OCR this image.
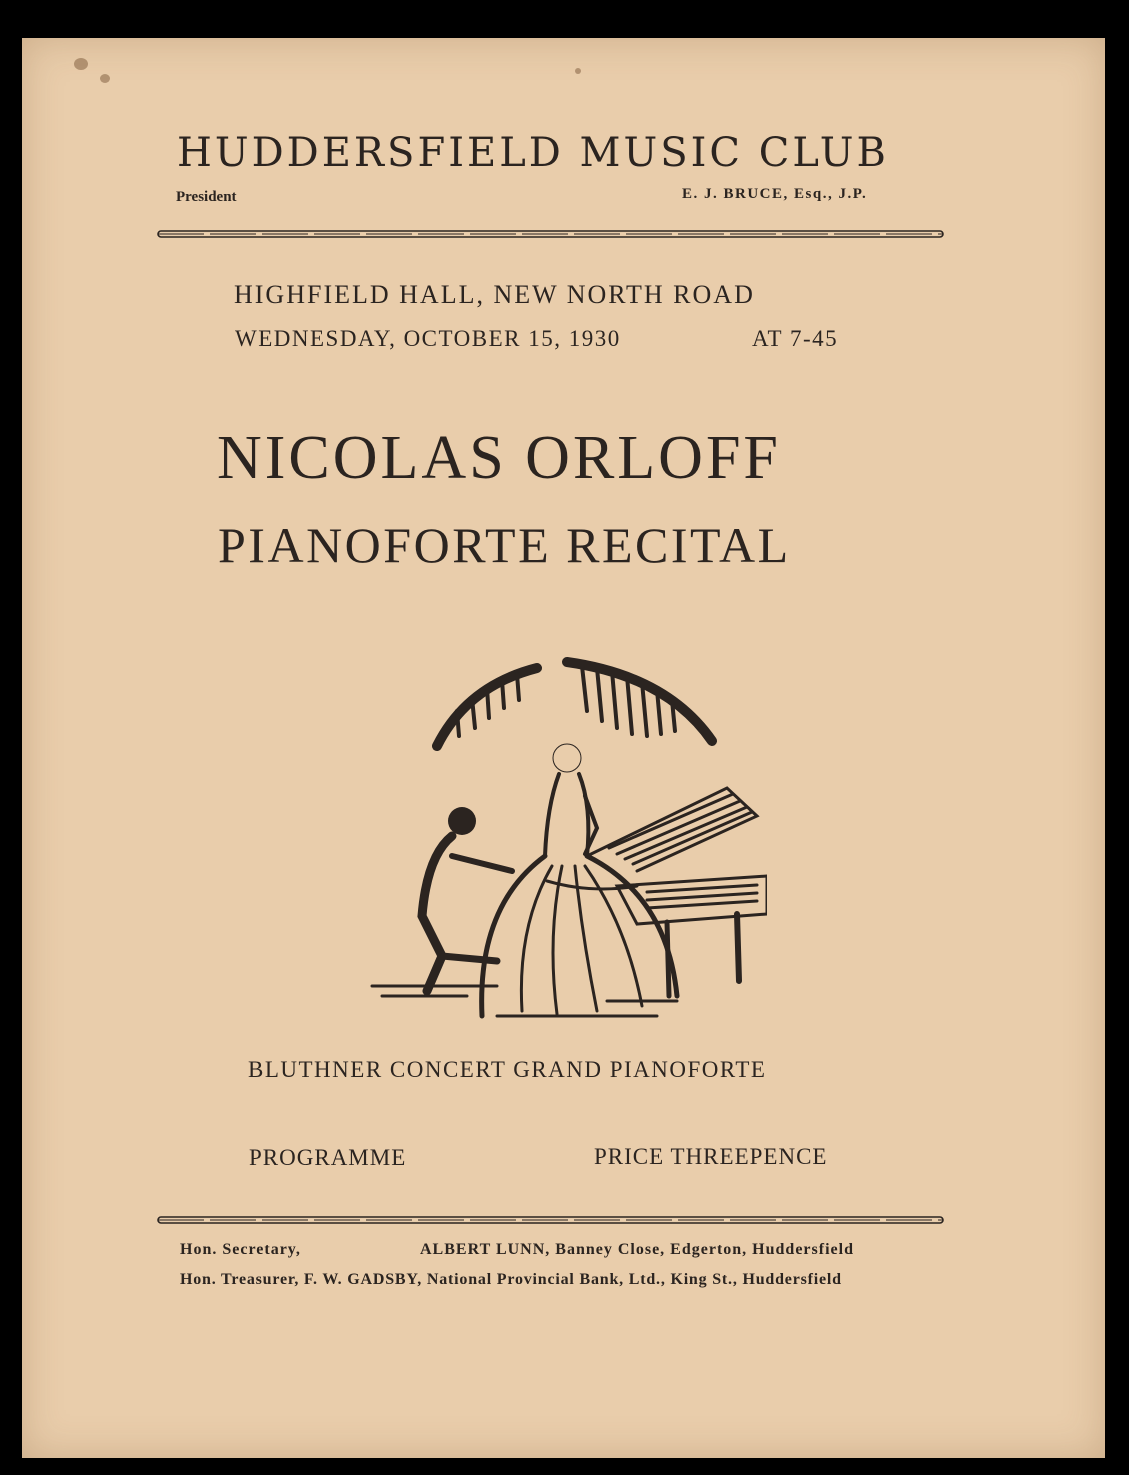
HUDDERSFIELD MUSIC CLUB
President	E. J. BRUCE, Esq., J.P.
HIGHFIELD HALL, NEW NORTH ROAD
WEDNESDAY, OCTOBER 15, 1930	AT 7-45
NICOLAS ORLOFF
PIANOFORTE RECITAL
BLUTHNER CONCERT GRAND PIANOFORTE
PROGRAMME	PRICE THREEPENCE
Hon. Secretary,	ALBERT LUNN, Banney Close, Edgerton, Huddersfield
Hon. Treasurer, F. W. GADSBY, National Provincial Bank, Ltd., King St., Huddersfield
